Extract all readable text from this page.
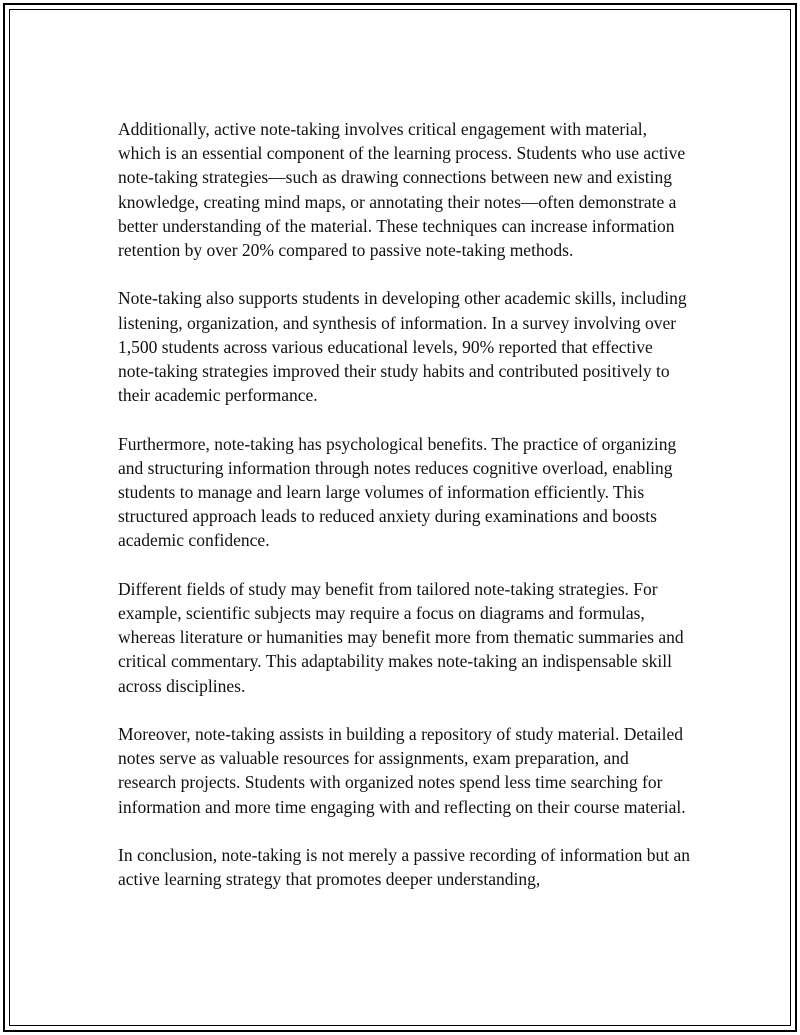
Additionally, active note-taking involves critical engagement with material, which is an essential component of the learning process. Students who use active note-taking strategies—such as drawing connections between new and existing knowledge, creating mind maps, or annotating their notes—often demonstrate a better understanding of the material. These techniques can increase information retention by over 20% compared to passive note-taking methods.

Note-taking also supports students in developing other academic skills, including listening, organization, and synthesis of information. In a survey involving over 1,500 students across various educational levels, 90% reported that effective note-taking strategies improved their study habits and contributed positively to their academic performance.

Furthermore, note-taking has psychological benefits. The practice of organizing and structuring information through notes reduces cognitive overload, enabling students to manage and learn large volumes of information efficiently. This structured approach leads to reduced anxiety during examinations and boosts academic confidence.

Different fields of study may benefit from tailored note-taking strategies. For example, scientific subjects may require a focus on diagrams and formulas, whereas literature or humanities may benefit more from thematic summaries and critical commentary. This adaptability makes note-taking an indispensable skill across disciplines.

Moreover, note-taking assists in building a repository of study material. Detailed notes serve as valuable resources for assignments, exam preparation, and research projects. Students with organized notes spend less time searching for information and more time engaging with and reflecting on their course material.

In conclusion, note-taking is not merely a passive recording of information but an active learning strategy that promotes deeper understanding,
